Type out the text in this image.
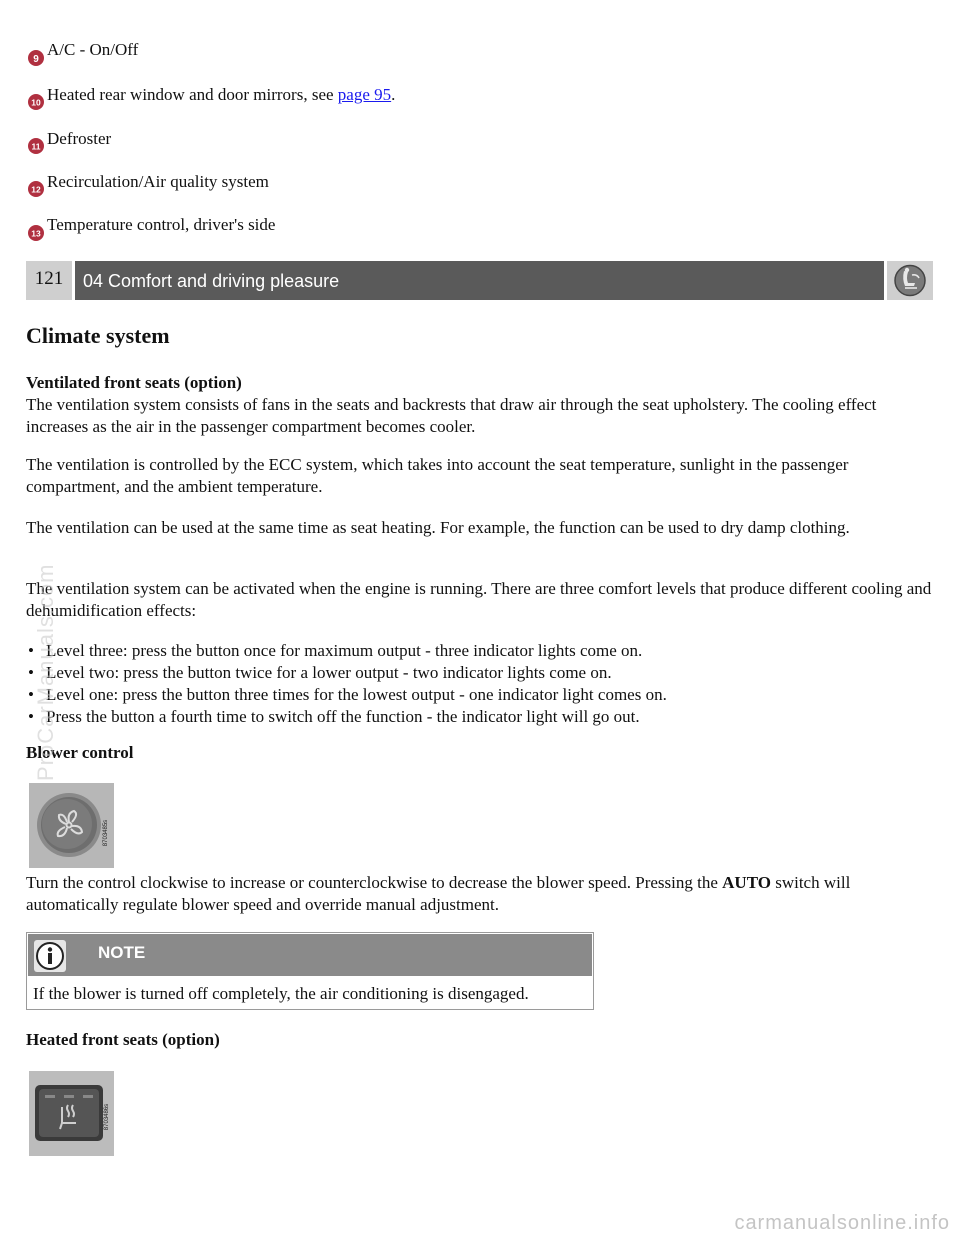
9
A/C - On/Off
10 Heated rear window and door mirrors, see page 95.
11 Defroster
12 Recirculation/Air quality system
13 Temperature control, driver's side
121	04 Comfort and driving pleasure
Climate system
Ventilated front seats (option)
The ventilation system consists of fans in the seats and backrests that draw air through the seat upholstery. The cooling effect increases as the air in the passenger compartment becomes cooler.
The ventilation is controlled by the ECC system, which takes into account the seat temperature, sunlight in the passenger compartment, and the ambient temperature.
The ventilation can be used at the same time as seat heating. For example, the function can be used to dry damp clothing.
The ventilation system can be activated when the engine is running. There are three comfort levels that produce different cooling and dehumidification effects:
• Level three: press the button once for maximum output - three indicator lights come on.
• Level two: press the button twice for a lower output - two indicator lights come on.
• Level one: press the button three times for the lowest output - one indicator light comes on.
• Press the button a fourth time to switch off the function - the indicator light will go out.
Blower control
8703485s
Turn the control clockwise to increase or counterclockwise to decrease the blower speed. Pressing the AUTO switch will automatically regulate blower speed and override manual adjustment.
NOTE
If the blower is turned off completely, the air conditioning is disengaged.
Heated front seats (option)
8703486s
ProCarManuals.com
carmanualsonline.info
